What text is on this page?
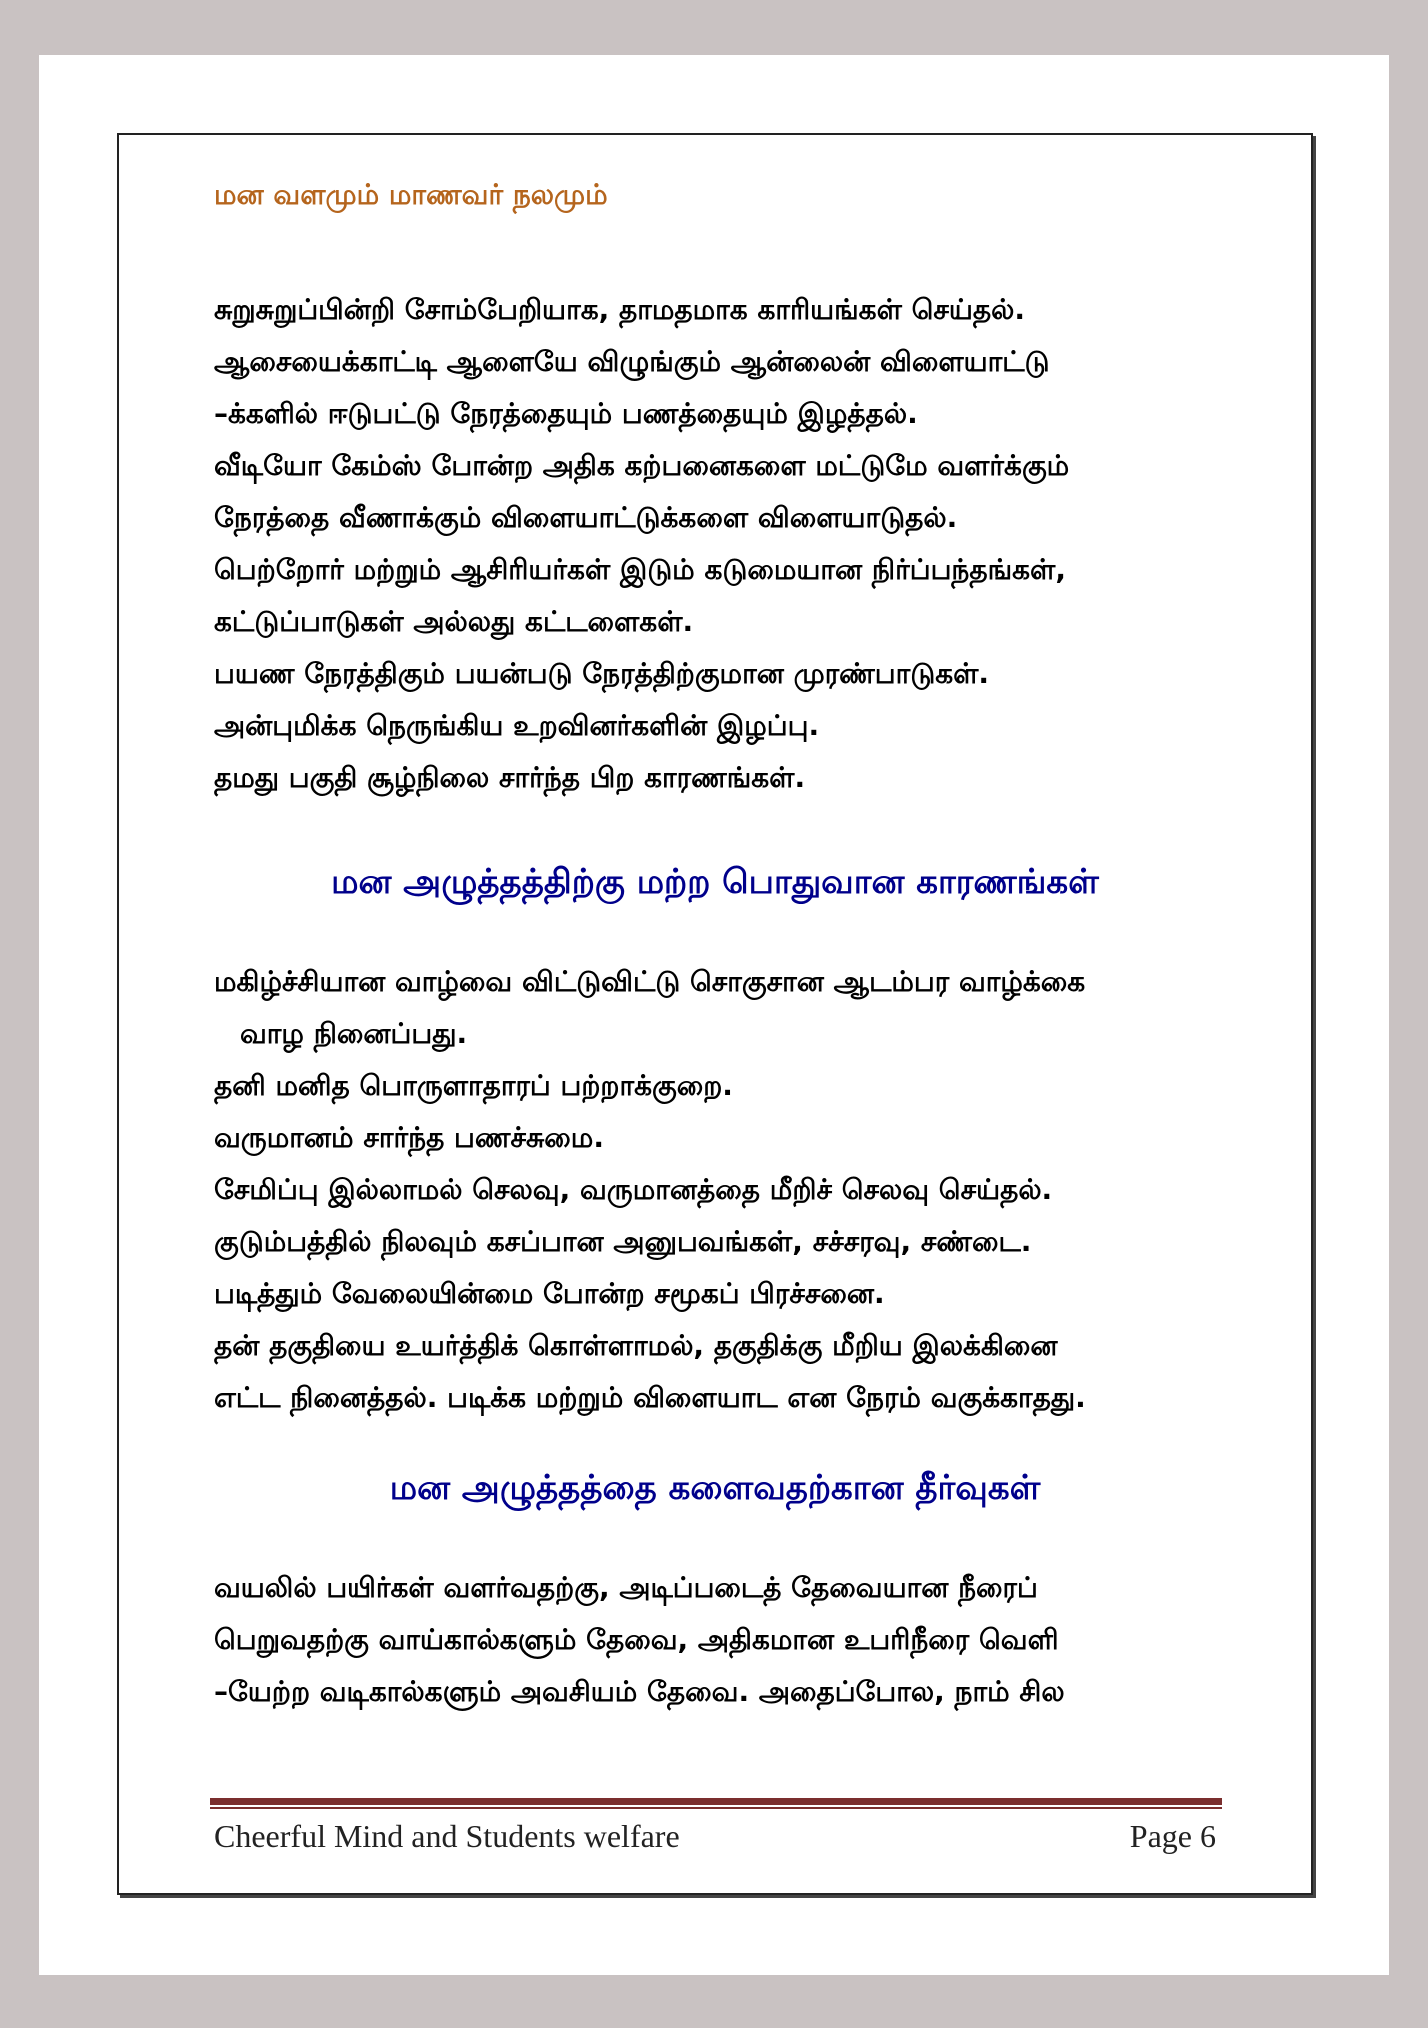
மன வளமும் மாணவர் நலமும்
சுறுசுறுப்பின்றி சோம்பேறியாக, தாமதமாக காரியங்கள் செய்தல்.
ஆசையைக்காட்டி ஆளையே விழுங்கும் ஆன்லைன் விளையாட்டு
–க்களில் ஈடுபட்டு நேரத்தையும் பணத்தையும் இழத்தல்.
வீடியோ கேம்ஸ் போன்ற அதிக கற்பனைகளை மட்டுமே வளர்க்கும்
நேரத்தை வீணாக்கும் விளையாட்டுக்களை விளையாடுதல்.
பெற்றோர் மற்றும் ஆசிரியர்கள் இடும் கடுமையான நிர்ப்பந்தங்கள்,
கட்டுப்பாடுகள் அல்லது கட்டளைகள்.
பயண நேரத்திகும் பயன்படு நேரத்திற்குமான முரண்பாடுகள்.
அன்புமிக்க நெருங்கிய உறவினர்களின் இழப்பு.
தமது பகுதி சூழ்நிலை சார்ந்த பிற காரணங்கள்.
மன அழுத்தத்திற்கு மற்ற பொதுவான காரணங்கள்
மகிழ்ச்சியான வாழ்வை விட்டுவிட்டு சொகுசான ஆடம்பர வாழ்க்கை
வாழ நினைப்பது.
தனி மனித பொருளாதாரப் பற்றாக்குறை.
வருமானம் சார்ந்த பணச்சுமை.
சேமிப்பு இல்லாமல் செலவு, வருமானத்தை மீறிச் செலவு செய்தல்.
குடும்பத்தில் நிலவும் கசப்பான அனுபவங்கள், சச்சரவு, சண்டை.
படித்தும் வேலையின்மை போன்ற சமூகப் பிரச்சனை.
தன் தகுதியை உயர்த்திக் கொள்ளாமல், தகுதிக்கு மீறிய இலக்கினை
எட்ட நினைத்தல். படிக்க மற்றும் விளையாட என நேரம் வகுக்காதது.
மன அழுத்தத்தை களைவதற்கான தீர்வுகள்
வயலில் பயிர்கள் வளர்வதற்கு, அடிப்படைத் தேவையான நீரைப்
பெறுவதற்கு வாய்கால்களும் தேவை, அதிகமான உபரிநீரை வெளி
–யேற்ற வடிகால்களும் அவசியம் தேவை. அதைப்போல, நாம் சில
Cheerful Mind and Students welfare	Page 6
